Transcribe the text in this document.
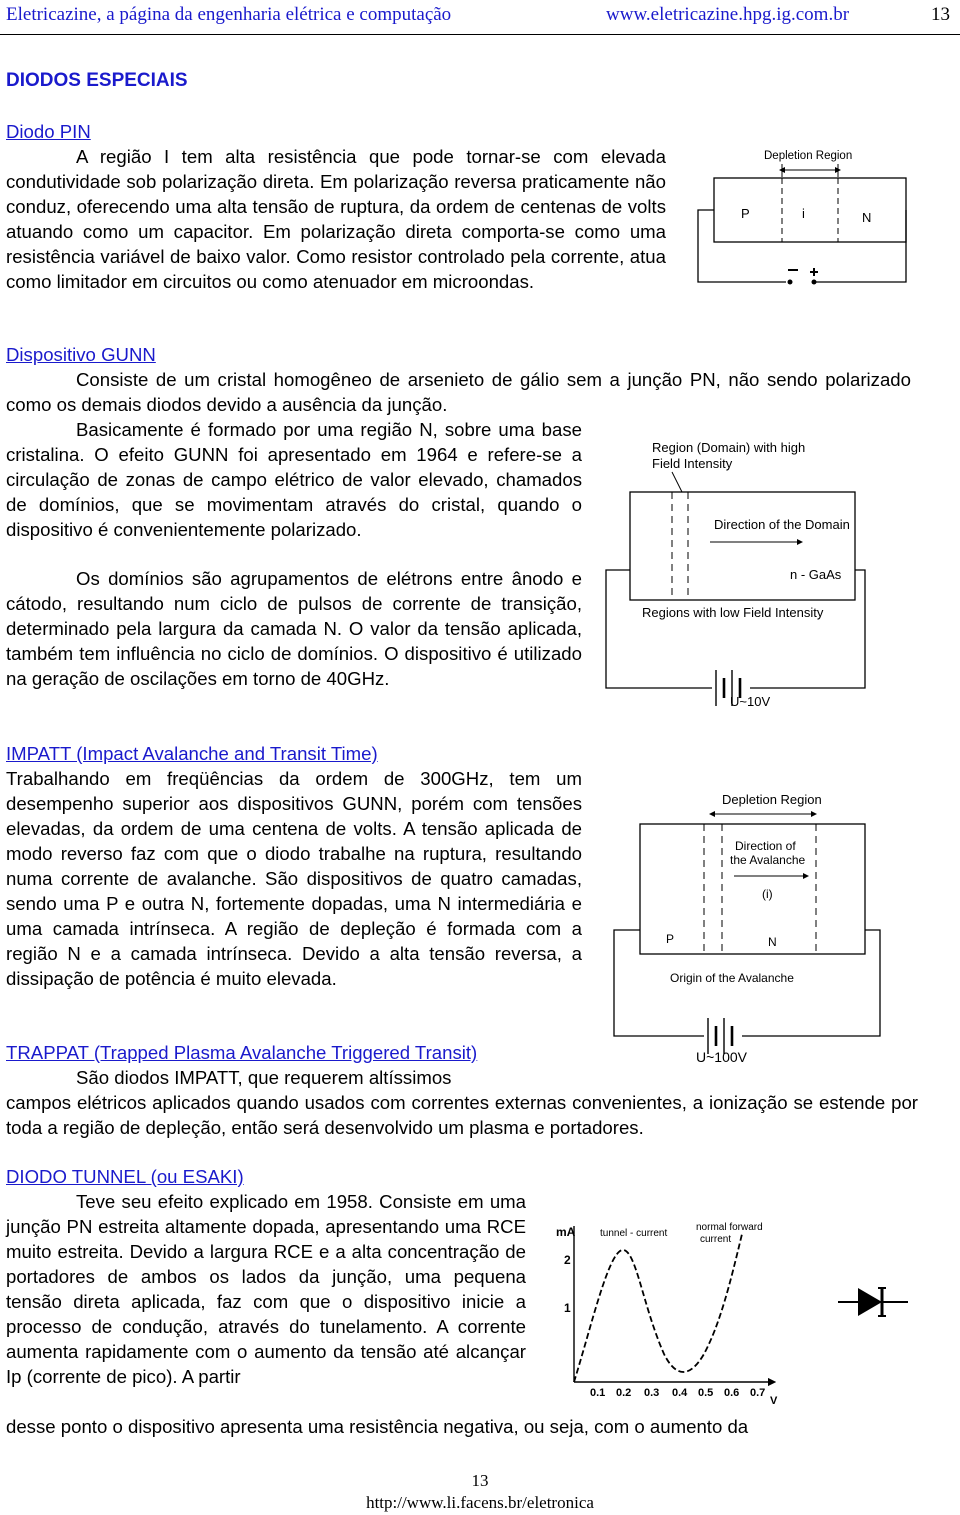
Eletricazine, a página da engenharia elétrica e computação	www.eletricazine.hpg.ig.com.br	13
DIODOS ESPECIAIS
Diodo PIN
A região I tem alta resistência que pode tornar-se com elevada condutividade sob polarização direta. Em polarização reversa praticamente não conduz, oferecendo uma alta tensão de ruptura, da ordem de centenas de volts atuando como um capacitor. Em polarização direta comporta-se como uma resistência variável de baixo valor. Como resistor controlado pela corrente, atua como limitador em circuitos ou como atenuador em microondas.
Depletion Region
P	i	N
Dispositivo GUNN
Consiste de um cristal homogêneo de arsenieto de gálio sem a junção PN, não sendo polarizado como os demais diodos devido a ausência da junção.
Basicamente é formado por uma região N, sobre uma base cristalina. O efeito GUNN foi apresentado em 1964 e refere-se a circulação de zonas de campo elétrico de valor elevado, chamados de domínios, que se movimentam através do cristal, quando o dispositivo é convenientemente polarizado.
Os domínios são agrupamentos de elétrons entre ânodo e cátodo, resultando num ciclo de pulsos de corrente de transição, determinado pela largura da camada N. O valor da tensão aplicada, também tem influência no ciclo de domínios. O dispositivo é utilizado na geração de oscilações em torno de 40GHz.
Region (Domain) with high
Field Intensity
Direction of the Domain
n - GaAs
Regions with low Field Intensity
U~10V
IMPATT (Impact Avalanche and Transit Time)
Trabalhando em freqüências da ordem de 300GHz, tem um desempenho superior aos dispositivos GUNN, porém com tensões elevadas, da ordem de uma centena de volts. A tensão aplicada de modo reverso faz com que o diodo trabalhe na ruptura, resultando numa corrente de avalanche. São dispositivos de quatro camadas, sendo uma P e outra N, fortemente dopadas, uma N intermediária e uma camada intrínseca. A região de depleção é formada com a região N e a camada intrínseca. Devido a alta tensão reversa, a dissipação de potência é muito elevada.
Depletion Region
Direction of
the Avalanche
(i)
P	N
Origin of the Avalanche
U~100V
TRAPPAT (Trapped Plasma Avalanche Triggered Transit)
São diodos IMPATT, que requerem altíssimos
campos elétricos aplicados quando usados com correntes externas convenientes, a ionização se estende por toda a região de depleção, então será desenvolvido um plasma e portadores.
DIODO TUNNEL (ou ESAKI)
Teve seu efeito explicado em 1958. Consiste em uma junção PN estreita altamente dopada, apresentando uma RCE muito estreita. Devido a largura RCE e a alta concentração de portadores de ambos os lados da junção, uma pequena tensão direta aplicada, faz com que o dispositivo inicie a processo de condução, através do tunelamento. A corrente aumenta rapidamente com o aumento da tensão até alcançar Ip (corrente de pico). A partir
desse ponto o dispositivo apresenta uma resistência negativa, ou seja, com o aumento da
mA
2
1
tunnel - current
normal forward
current
0.1 0.2 0.3 0.4 0.5 0.6 0.7
V
13
http://www.li.facens.br/eletronica
